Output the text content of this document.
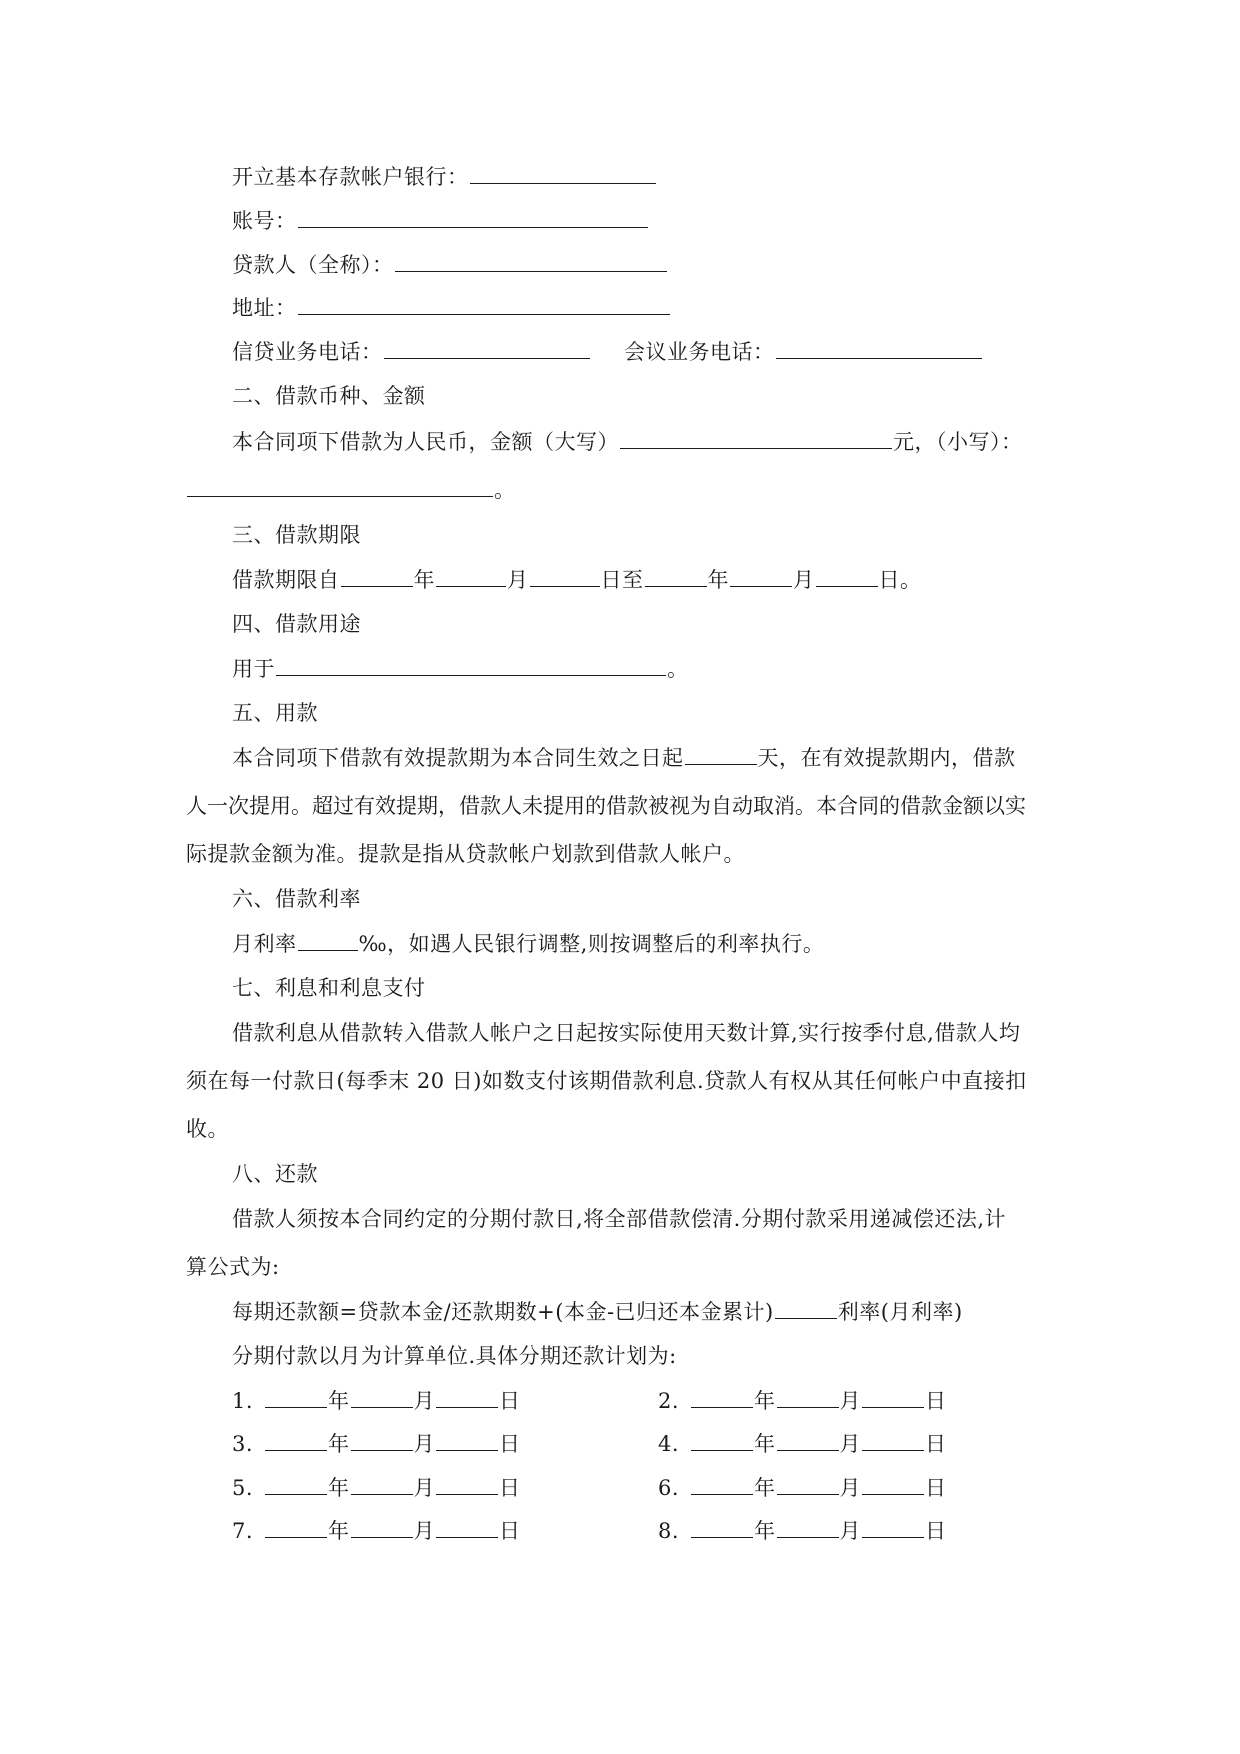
开立基本存款帐户银行：
账号：
贷款人（全称）：
地址：
信贷业务电话：	会议业务电话：
二、借款币种、金额
本合同项下借款为人民币，金额（大写）	元，（小写）：
。
三、借款期限
借款期限自	年	月	日至	年	月	日。
四、借款用途
用于	。
五、用款
本合同项下借款有效提款期为本合同生效之日起	天，在有效提款期内，借款
人一次提用。超过有效提期，借款人未提用的借款被视为自动取消。本合同的借款金额以实
际提款金额为准。提款是指从贷款帐户划款到借款人帐户。
六、借款利率
月利率	‰，如遇人民银行调整,则按调整后的利率执行。
七、利息和利息支付
借款利息从借款转入借款人帐户之日起按实际使用天数计算,实行按季付息,借款人均
须在每一付款日(每季末 20 日)如数支付该期借款利息.贷款人有权从其任何帐户中直接扣
收。
八、还款
借款人须按本合同约定的分期付款日,将全部借款偿清.分期付款采用递减偿还法,计
算公式为:
每期还款额=贷款本金/还款期数+(本金-已归还本金累计)	利率(月利率)
分期付款以月为计算单位.具体分期还款计划为:
1.	年	月	日	2.	年	月	日
3.	年	月	日	4.	年	月	日
5.	年	月	日	6.	年	月	日
7.	年	月	日	8.	年	月	日
